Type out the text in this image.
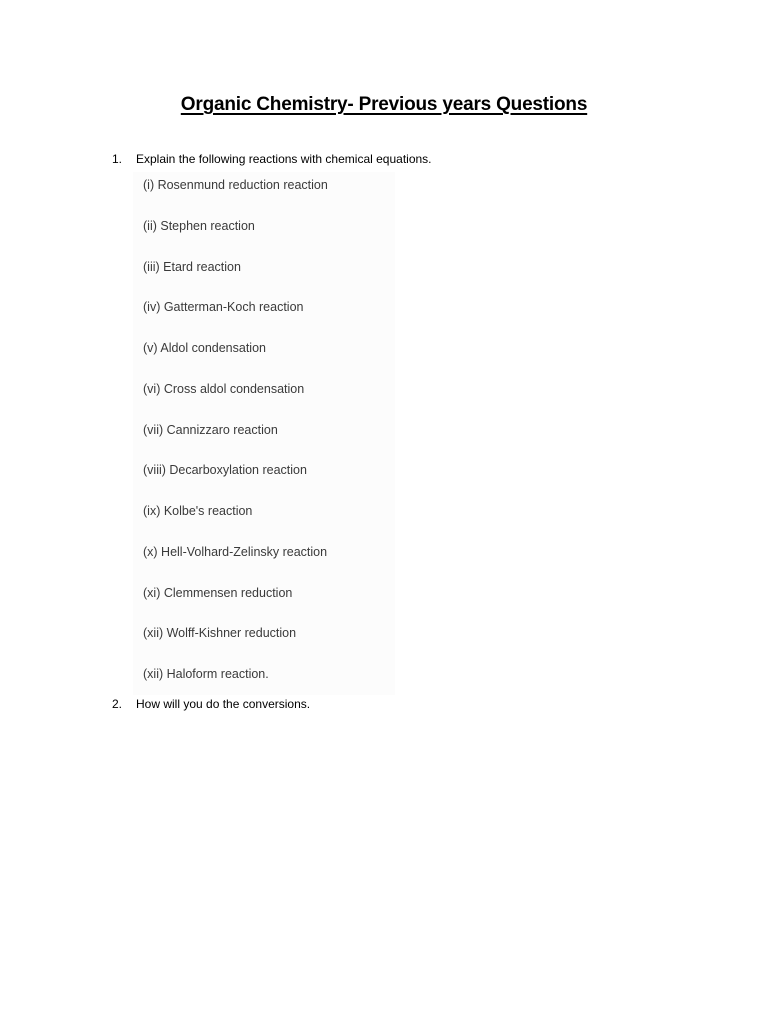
Organic Chemistry- Previous years Questions
1. Explain the following reactions with chemical equations.
(i) Rosenmund reduction reaction
(ii) Stephen reaction
(iii) Etard reaction
(iv) Gatterman-Koch reaction
(v) Aldol condensation
(vi) Cross aldol condensation
(vii) Cannizzaro reaction
(viii) Decarboxylation reaction
(ix) Kolbe's reaction
(x) Hell-Volhard-Zelinsky reaction
(xi) Clemmensen reduction
(xii) Wolff-Kishner reduction
(xii) Haloform reaction.
2. How will you do the conversions.
